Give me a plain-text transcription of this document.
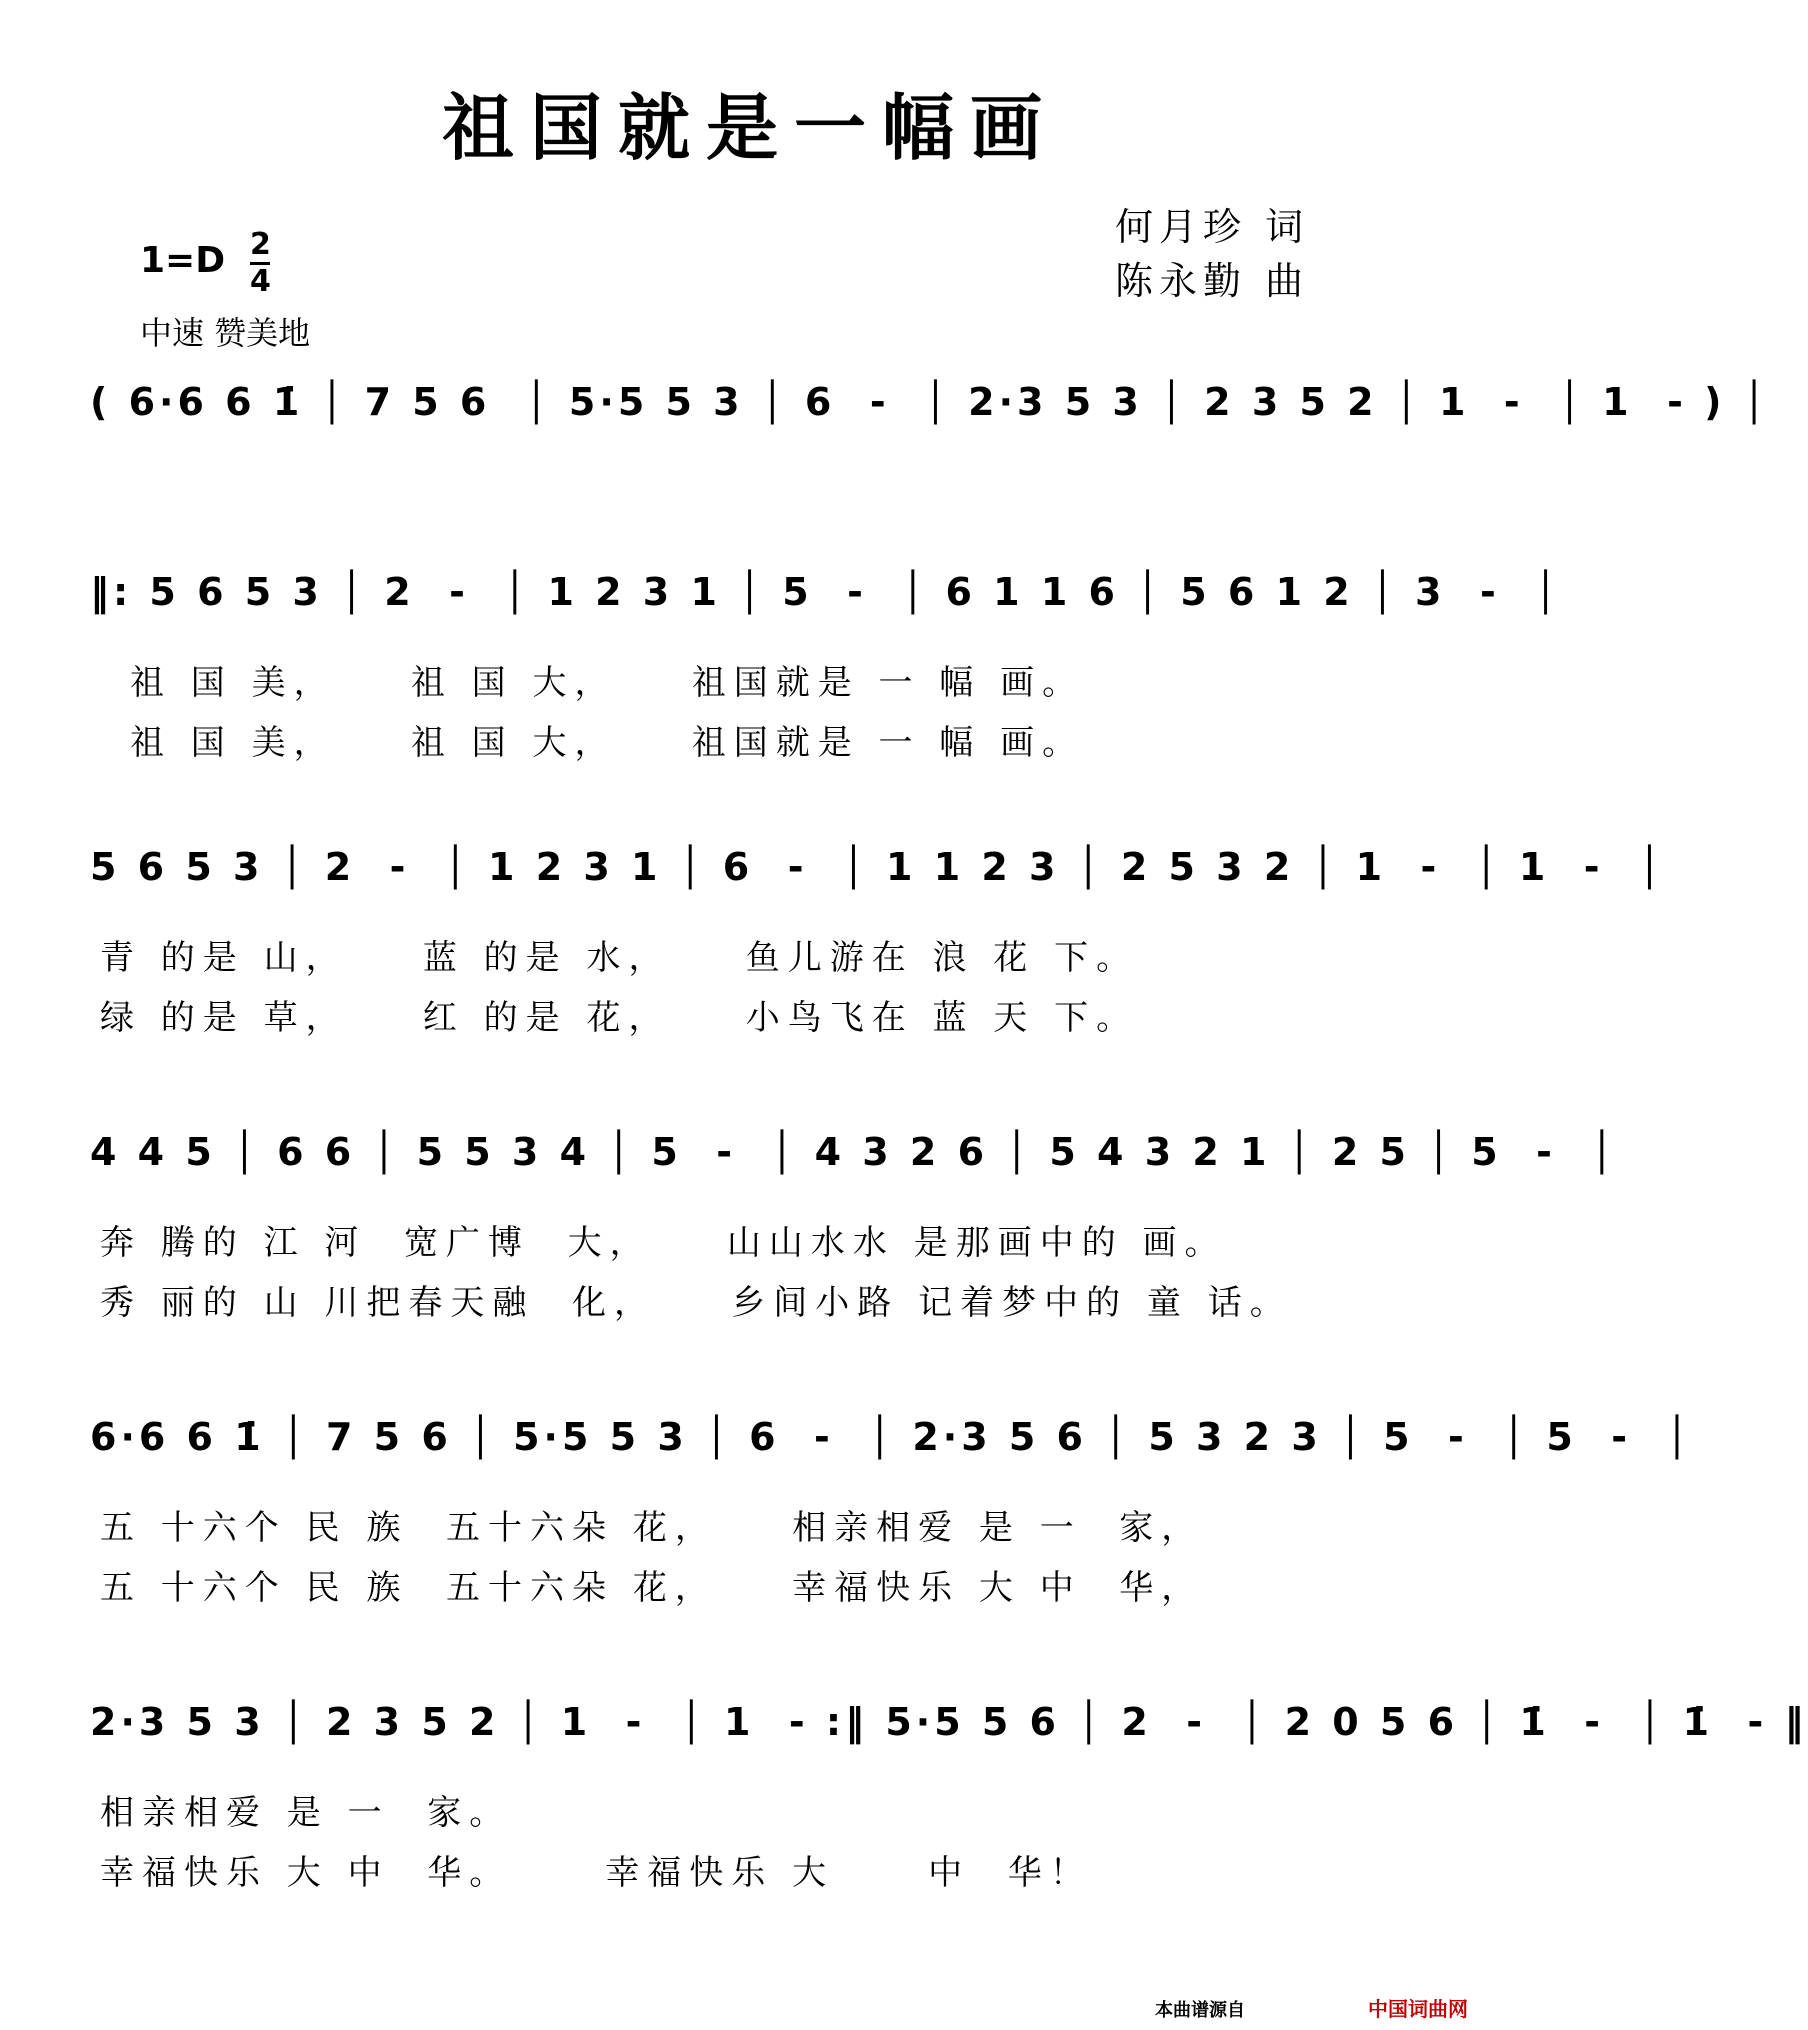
祖国就是一幅画
何月珍 词
陈永勤 曲
1=D 2
4
中速 赞美地
( 6·6 6 1̇ │ 7 5 6  │ 5·5 5 3 │ 6  -  │ 2·3 5 3 │ 2 3 5 2 │ 1  -  │ 1  - ) │
‖: 5 6 5 3 │ 2  -  │ 1 2 3 1 │ 5  -  │ 6 1 1 6 │ 5 6 1 2 │ 3  -  │
祖 国 美，    祖 国 大，    祖国就是 一 幅 画。
祖 国 美，    祖 国 大，    祖国就是 一 幅 画。
5 6 5 3 │ 2  -  │ 1 2 3 1 │ 6  -  │ 1 1 2 3 │ 2 5 3 2 │ 1  -  │ 1  -  │
青 的是 山，    蓝 的是 水，    鱼儿游在 浪 花 下。
绿 的是 草，    红 的是 花，    小鸟飞在 蓝 天 下。
4 4 5 │ 6 6 │ 5 5 3 4 │ 5  -  │ 4 3 2 6 │ 5 4 3 2 1 │ 2 5 │ 5  -  │
奔 腾的 江 河  宽广博  大，    山山水水 是那画中的 画。
秀 丽的 山 川把春天融  化，    乡间小路 记着梦中的 童 话。
6·6 6 1̇ │ 7 5 6 │ 5·5 5 3 │ 6  -  │ 2·3 5 6 │ 5 3 2 3 │ 5  -  │ 5  -  │
五 十六个 民 族  五十六朵 花，    相亲相爱 是 一  家，
五 十六个 民 族  五十六朵 花，    幸福快乐 大 中  华，
2·3 5 3 │ 2 3 5 2 │ 1  -  │ 1  - :‖ 5·5 5 6 │ 2  -  │ 2 0 5 6 │ 1̇  -  │ 1̇  - ‖
相亲相爱 是 一  家。
幸福快乐 大 中  华。     幸福快乐 大     中  华！
本曲谱源自	中国词曲网
